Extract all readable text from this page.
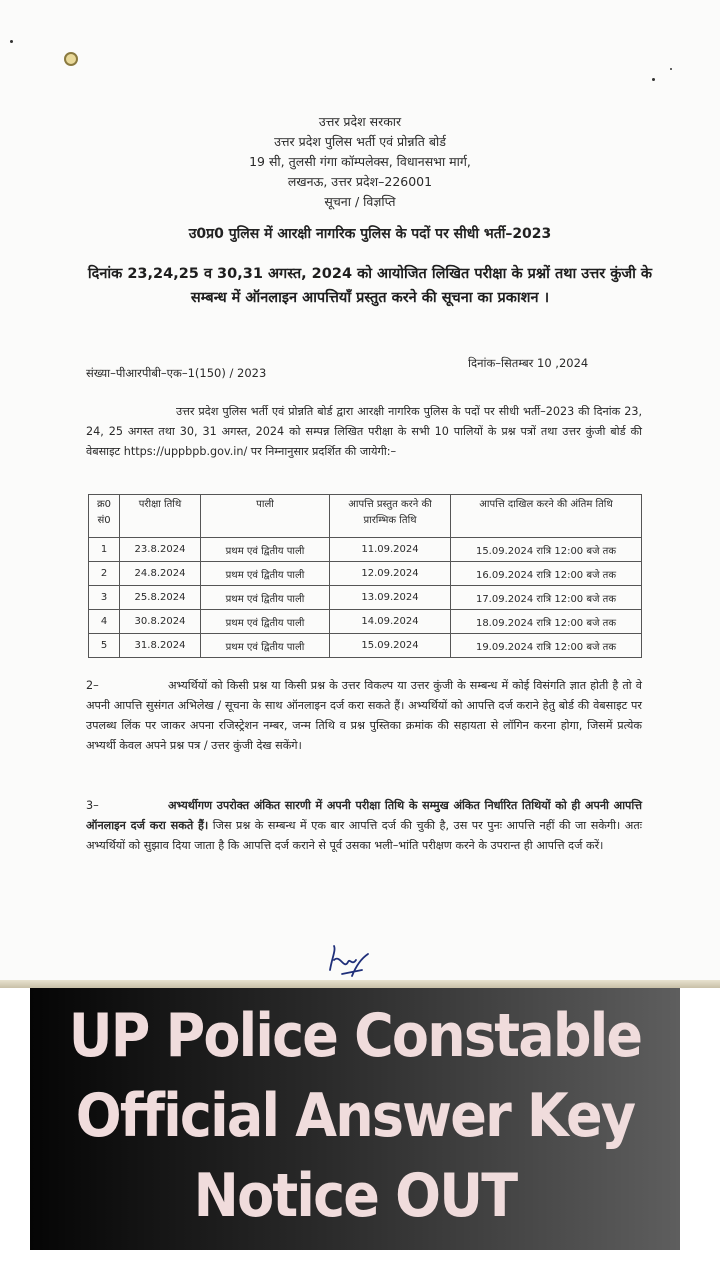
उत्तर प्रदेश सरकार
उत्तर प्रदेश पुलिस भर्ती एवं प्रोन्नति बोर्ड
19 सी, तुलसी गंगा कॉम्पलेक्स, विधानसभा मार्ग,
लखनऊ, उत्तर प्रदेश–226001
सूचना / विज्ञप्ति
उ0प्र0 पुलिस में आरक्षी नागरिक पुलिस के पदों पर सीधी भर्ती–2023
दिनांक 23,24,25 व 30,31 अगस्त, 2024 को आयोजित लिखित परीक्षा के प्रश्नों तथा उत्तर कुंजी के सम्बन्ध में ऑनलाइन आपत्तियाँ प्रस्तुत करने की सूचना का प्रकाशन ।
संख्या–पीआरपीबी–एक–1(150) / 2023
दिनांक–सितम्बर 10 ,2024
उत्तर प्रदेश पुलिस भर्ती एवं प्रोन्नति बोर्ड द्वारा आरक्षी नागरिक पुलिस के पदों पर सीधी भर्ती–2023 की दिनांक 23, 24, 25 अगस्त तथा 30, 31 अगस्त, 2024 को सम्पन्न लिखित परीक्षा के सभी 10 पालियों के प्रश्न पत्रों तथा उत्तर कुंजी बोर्ड की वेबसाइट https://uppbpb.gov.in/ पर निम्नानुसार प्रदर्शित की जायेगी:–
क्र0 सं0	परीक्षा तिथि	पाली	आपत्ति प्रस्तुत करने की प्रारम्भिक तिथि	आपत्ति दाखिल करने की अंतिम तिथि
1	23.8.2024	प्रथम एवं द्वितीय पाली	11.09.2024	15.09.2024 रात्रि 12:00 बजे तक
2	24.8.2024	प्रथम एवं द्वितीय पाली	12.09.2024	16.09.2024 रात्रि 12:00 बजे तक
3	25.8.2024	प्रथम एवं द्वितीय पाली	13.09.2024	17.09.2024 रात्रि 12:00 बजे तक
4	30.8.2024	प्रथम एवं द्वितीय पाली	14.09.2024	18.09.2024 रात्रि 12:00 बजे तक
5	31.8.2024	प्रथम एवं द्वितीय पाली	15.09.2024	19.09.2024 रात्रि 12:00 बजे तक
2–	अभ्यर्थियों को किसी प्रश्न या किसी प्रश्न के उत्तर विकल्प या उत्तर कुंजी के सम्बन्ध में कोई विसंगति ज्ञात होती है तो वे अपनी आपत्ति सुसंगत अभिलेख / सूचना के साथ ऑनलाइन दर्ज करा सकते हैं। अभ्यर्थियों को आपत्ति दर्ज कराने हेतु बोर्ड की वेबसाइट पर उपलब्ध लिंक पर जाकर अपना रजिस्ट्रेशन नम्बर, जन्म तिथि व प्रश्न पुस्तिका क्रमांक की सहायता से लॉगिन करना होगा, जिसमें प्रत्येक अभ्यर्थी केवल अपने प्रश्न पत्र / उत्तर कुंजी देख सकेंगे।
3–	अभ्यर्थीगण उपरोक्त अंकित सारणी में अपनी परीक्षा तिथि के सम्मुख अंकित निर्धारित तिथियों को ही अपनी आपत्ति ऑनलाइन दर्ज करा सकते हैं। जिस प्रश्न के सम्बन्ध में एक बार आपत्ति दर्ज की चुकी है, उस पर पुनः आपत्ति नहीं की जा सकेगी। अतः अभ्यर्थियों को सुझाव दिया जाता है कि आपत्ति दर्ज कराने से पूर्व उसका भली–भांति परीक्षण करने के उपरान्त ही आपत्ति दर्ज करें।
UP Police Constable
Official Answer Key
Notice OUT
